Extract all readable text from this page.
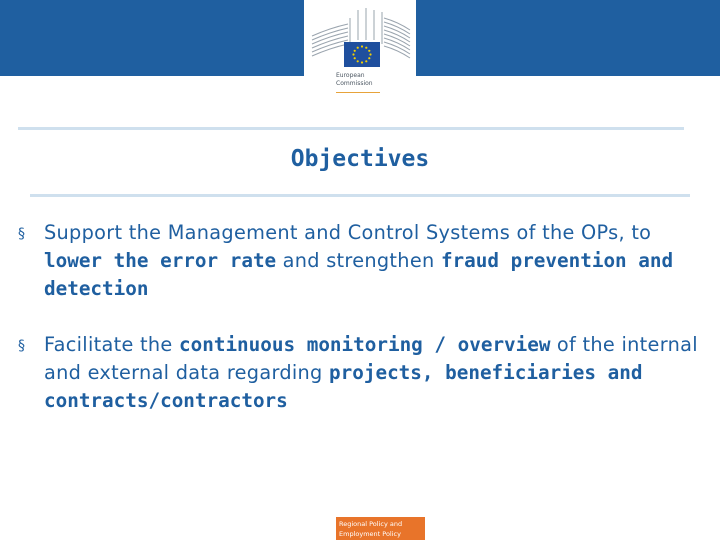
European
Commission
Objectives
§ Support the Management and Control Systems of the OPs, to lower the error rate and strengthen fraud prevention and detection
§ Facilitate the continuous monitoring / overview of the internal and external data regarding projects, beneficiaries and contracts/contractors
Regional Policy and
Employment Policy
